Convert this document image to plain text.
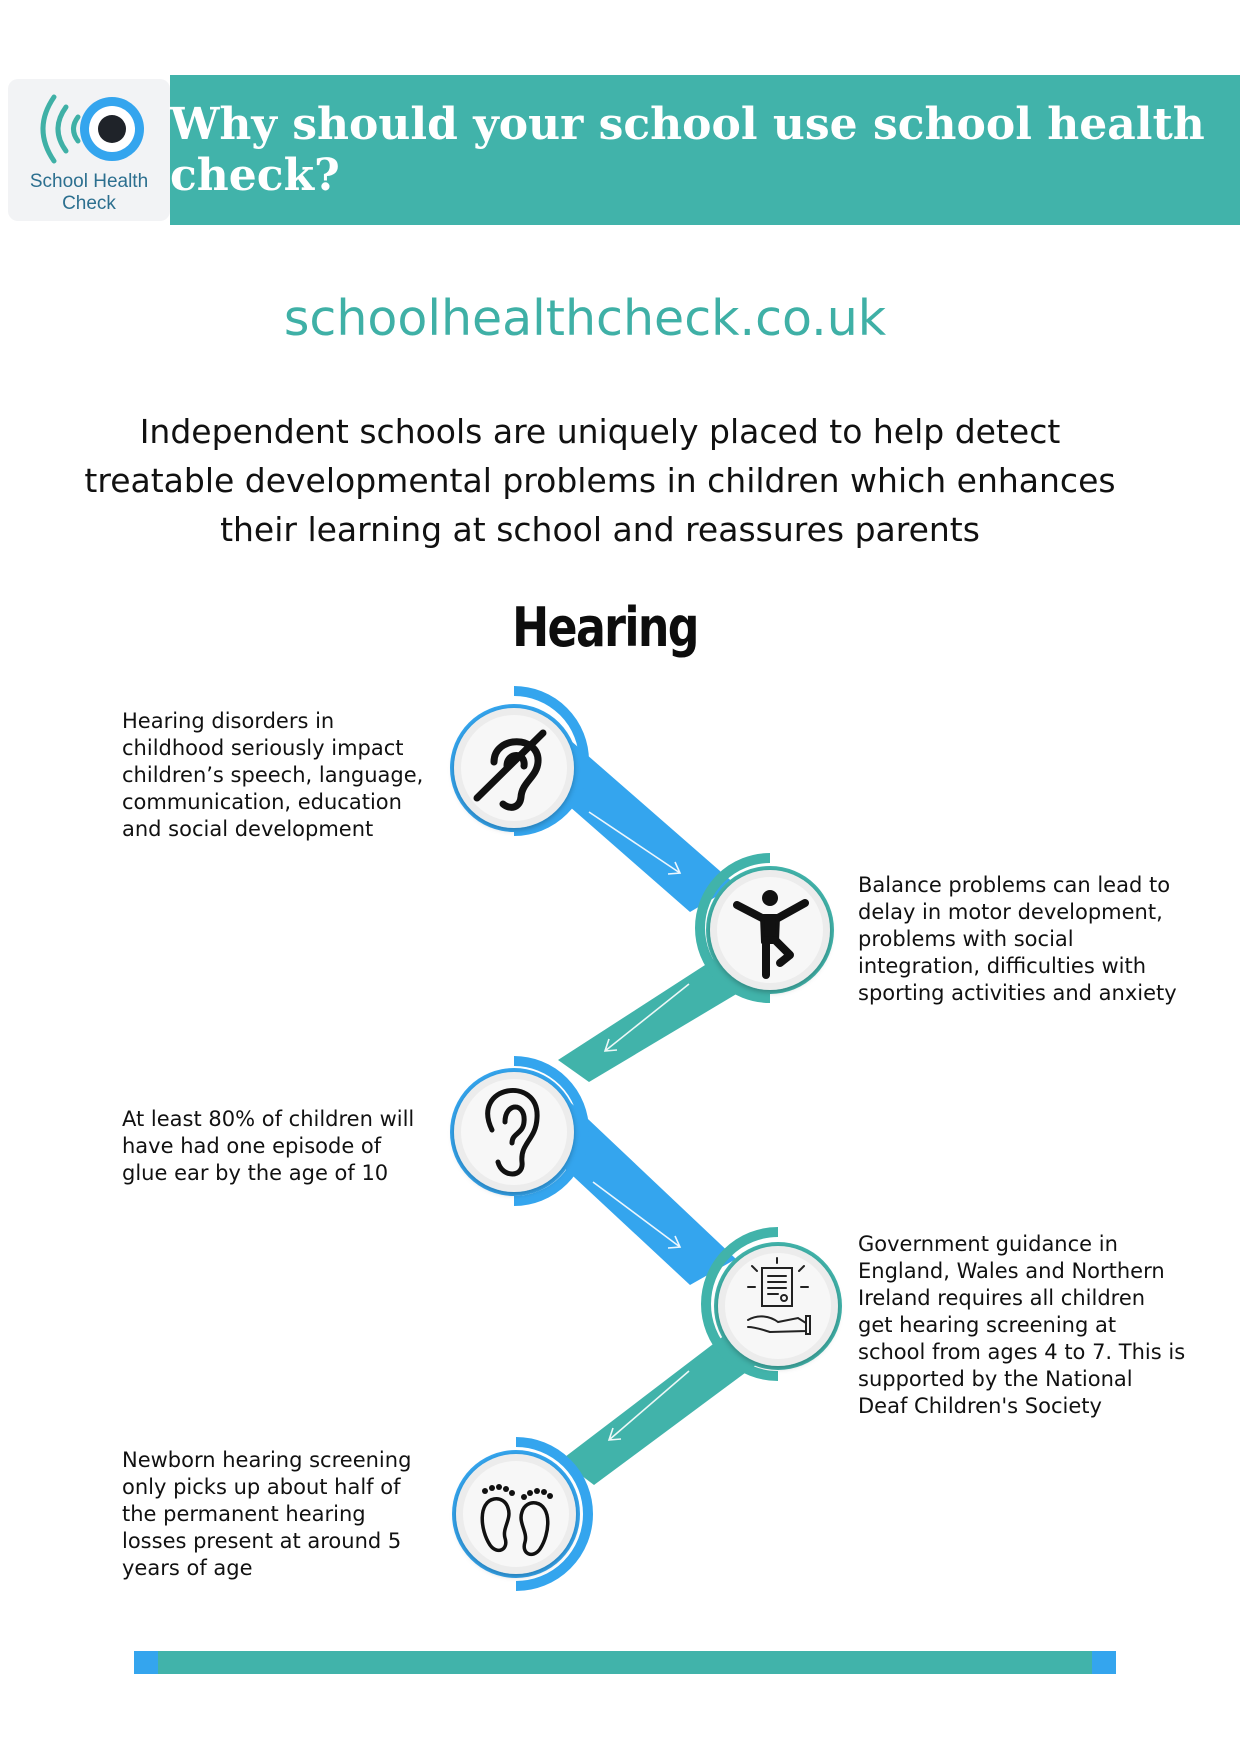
School Health
Check
Why should your school use school health check?
schoolhealthcheck.co.uk
Independent schools are uniquely placed to help detect
treatable developmental problems in children which enhances
their learning at school and reassures parents
Hearing
Hearing disorders in
childhood seriously impact
children’s speech, language,
communication, education
and social development
Balance problems can lead to
delay in motor development,
problems with social
integration, difficulties with
sporting activities and anxiety
At least 80% of children will
have had one episode of
glue ear by the age of 10
Government guidance in
England, Wales and Northern
Ireland requires all children
get hearing screening at
school from ages 4 to 7. This is
supported by the National
Deaf Children's Society
Newborn hearing screening
only picks up about half of
the permanent hearing
losses present at around 5
years of age
